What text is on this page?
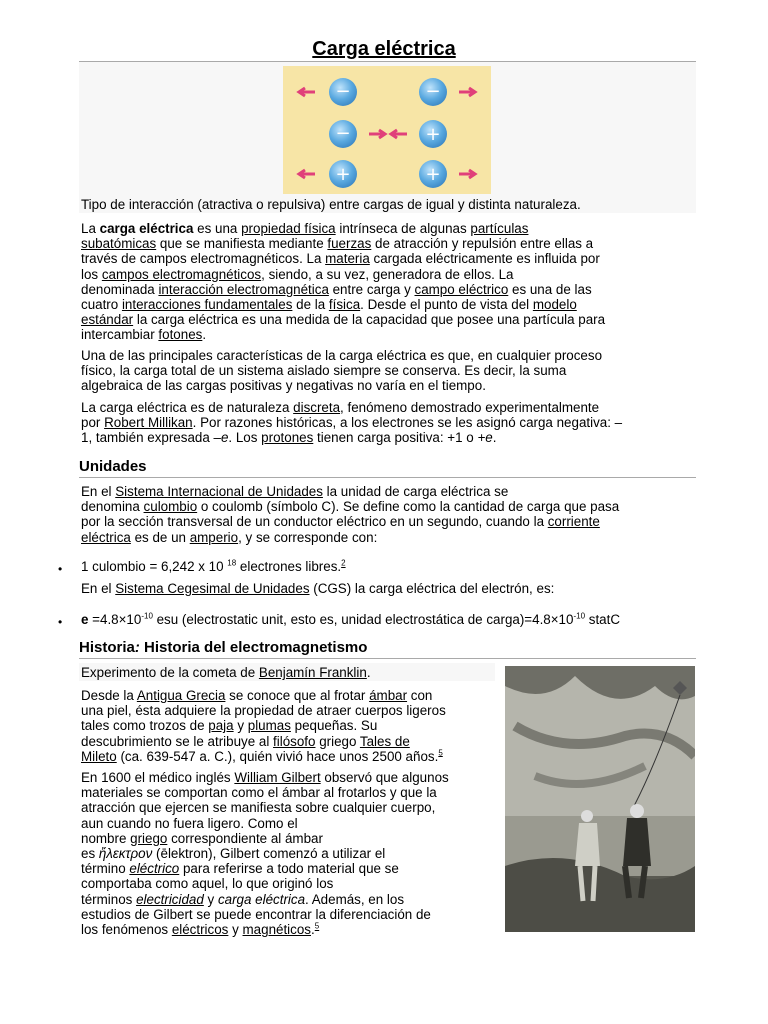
Carga eléctrica
−	−
−	+
+	+
Tipo de interacción (atractiva o repulsiva) entre cargas de igual y distinta naturaleza.
La carga eléctrica es una propiedad física intrínseca de algunas partículas
subatómicas que se manifiesta mediante fuerzas de atracción y repulsión entre ellas a
través de campos electromagnéticos. La materia cargada eléctricamente es influida por
los campos electromagnéticos, siendo, a su vez, generadora de ellos. La
denominada interacción electromagnética entre carga y campo eléctrico es una de las
cuatro interacciones fundamentales de la física. Desde el punto de vista del modelo
estándar la carga eléctrica es una medida de la capacidad que posee una partícula para
intercambiar fotones.
Una de las principales características de la carga eléctrica es que, en cualquier proceso
físico, la carga total de un sistema aislado siempre se conserva. Es decir, la suma
algebraica de las cargas positivas y negativas no varía en el tiempo.
La carga eléctrica es de naturaleza discreta, fenómeno demostrado experimentalmente
por Robert Millikan. Por razones históricas, a los electrones se les asignó carga negativa: –
1, también expresada –e. Los protones tienen carga positiva: +1 o +e.
Unidades
En el Sistema Internacional de Unidades la unidad de carga eléctrica se
denomina culombio o coulomb (símbolo C). Se define como la cantidad de carga que pasa
por la sección transversal de un conductor eléctrico en un segundo, cuando la corriente
eléctrica es de un amperio, y se corresponde con:
• 1 culombio = 6,242 x 10 $^{18}$ electrones libres.$^2$
En el Sistema Cegesimal de Unidades (CGS) la carga eléctrica del electrón, es:
• $e =4.8\times 10^{-10}$ esu (electrostatic unit, esto es, unidad electrostática de $carga)=4.8\times 10^{-10}$ statC
Historia: Historia del electromagnetismo
Experimento de la cometa de Benjamín Franklin.
Desde la Antigua Grecia se conoce que al frotar ámbar con
una piel, ésta adquiere la propiedad de atraer cuerpos ligeros
tales como trozos de paja y plumas pequeñas. Su
descubrimiento se le atribuye al filósofo griego Tales de
Mileto (ca. 639-547 a. C.), quién vivió hace unos 2500 años.$^5$
En 1600 el médico inglés William Gilbert observó que algunos
materiales se comportan como el ámbar al frotarlos y que la
atracción que ejercen se manifiesta sobre cualquier cuerpo,
aun cuando no fuera ligero. Como el
nombre griego correspondiente al ámbar
es ἤλεκτρον (ēlektron), Gilbert comenzó a utilizar el
término eléctrico para referirse a todo material que se
comportaba como aquel, lo que originó los
términos electricidad y carga eléctrica. Además, en los
estudios de Gilbert se puede encontrar la diferenciación de
los fenómenos eléctricos y magnéticos.$^5$
